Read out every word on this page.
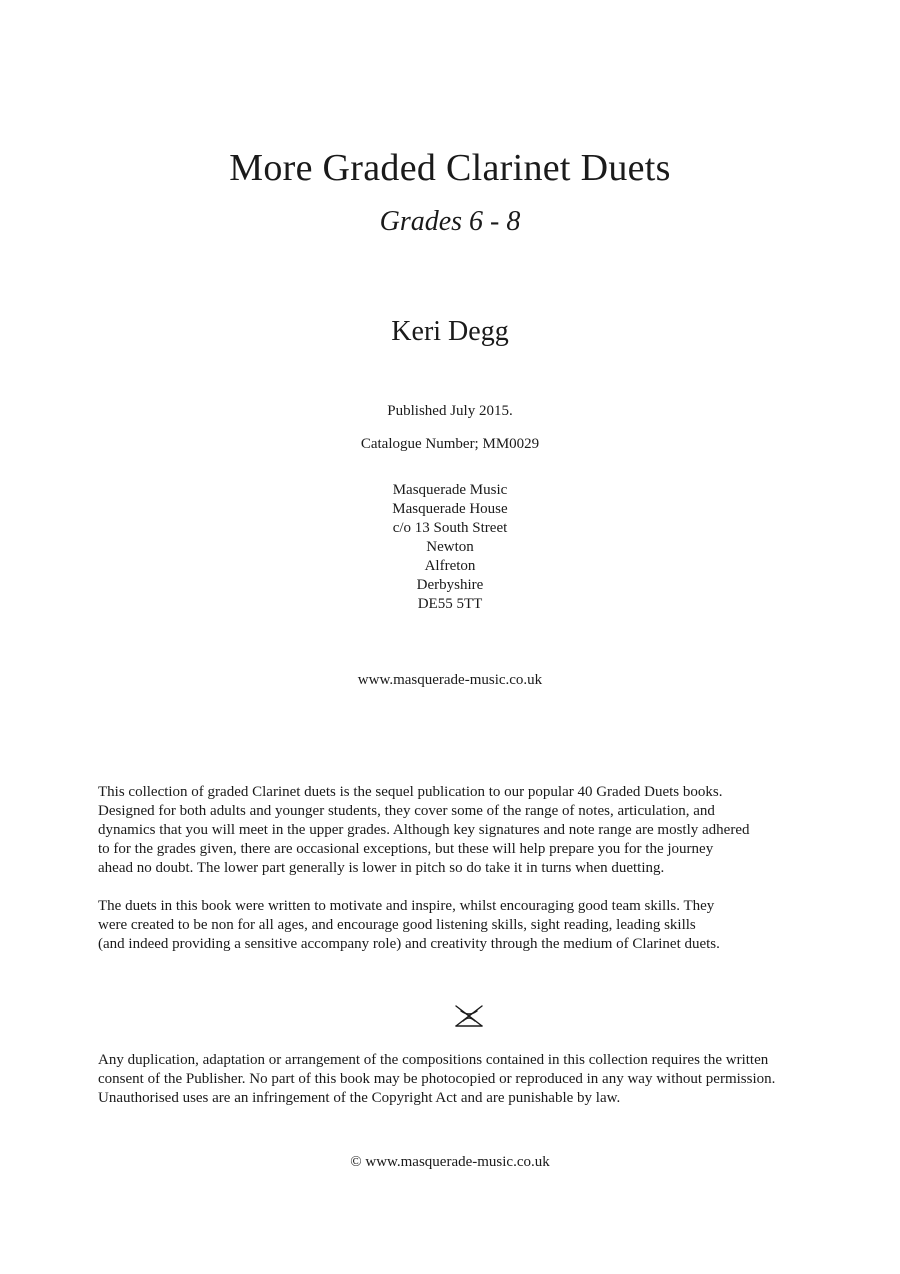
More Graded Clarinet Duets
Grades 6 - 8
Keri Degg

Published July 2015.

Catalogue Number; MM0029

Masquerade Music
Masquerade House
c/o 13 South Street
Newton
Alfreton
Derbyshire
DE55 5TT

www.masquerade-music.co.uk

This collection of graded Clarinet duets is the sequel publication to our popular 40 Graded Duets books.
Designed for both adults and younger students, they cover some of the range of notes, articulation, and
dynamics that you will meet in the upper grades. Although key signatures and note range are mostly adhered
to for the grades given, there are occasional exceptions, but these will help prepare you for the journey
ahead no doubt. The lower part generally is lower in pitch so do take it in turns when duetting.

The duets in this book were written to motivate and inspire, whilst encouraging good team skills. They
were created to be non for all ages, and encourage good listening skills, sight reading, leading skills
(and indeed providing a sensitive accompany role) and creativity through the medium of Clarinet duets.

Any duplication, adaptation or arrangement of the compositions contained in this collection requires the written
consent of the Publisher. No part of this book may be photocopied or reproduced in any way without permission.
Unauthorised uses are an infringement of the Copyright Act and are punishable by law.

© www.masquerade-music.co.uk
